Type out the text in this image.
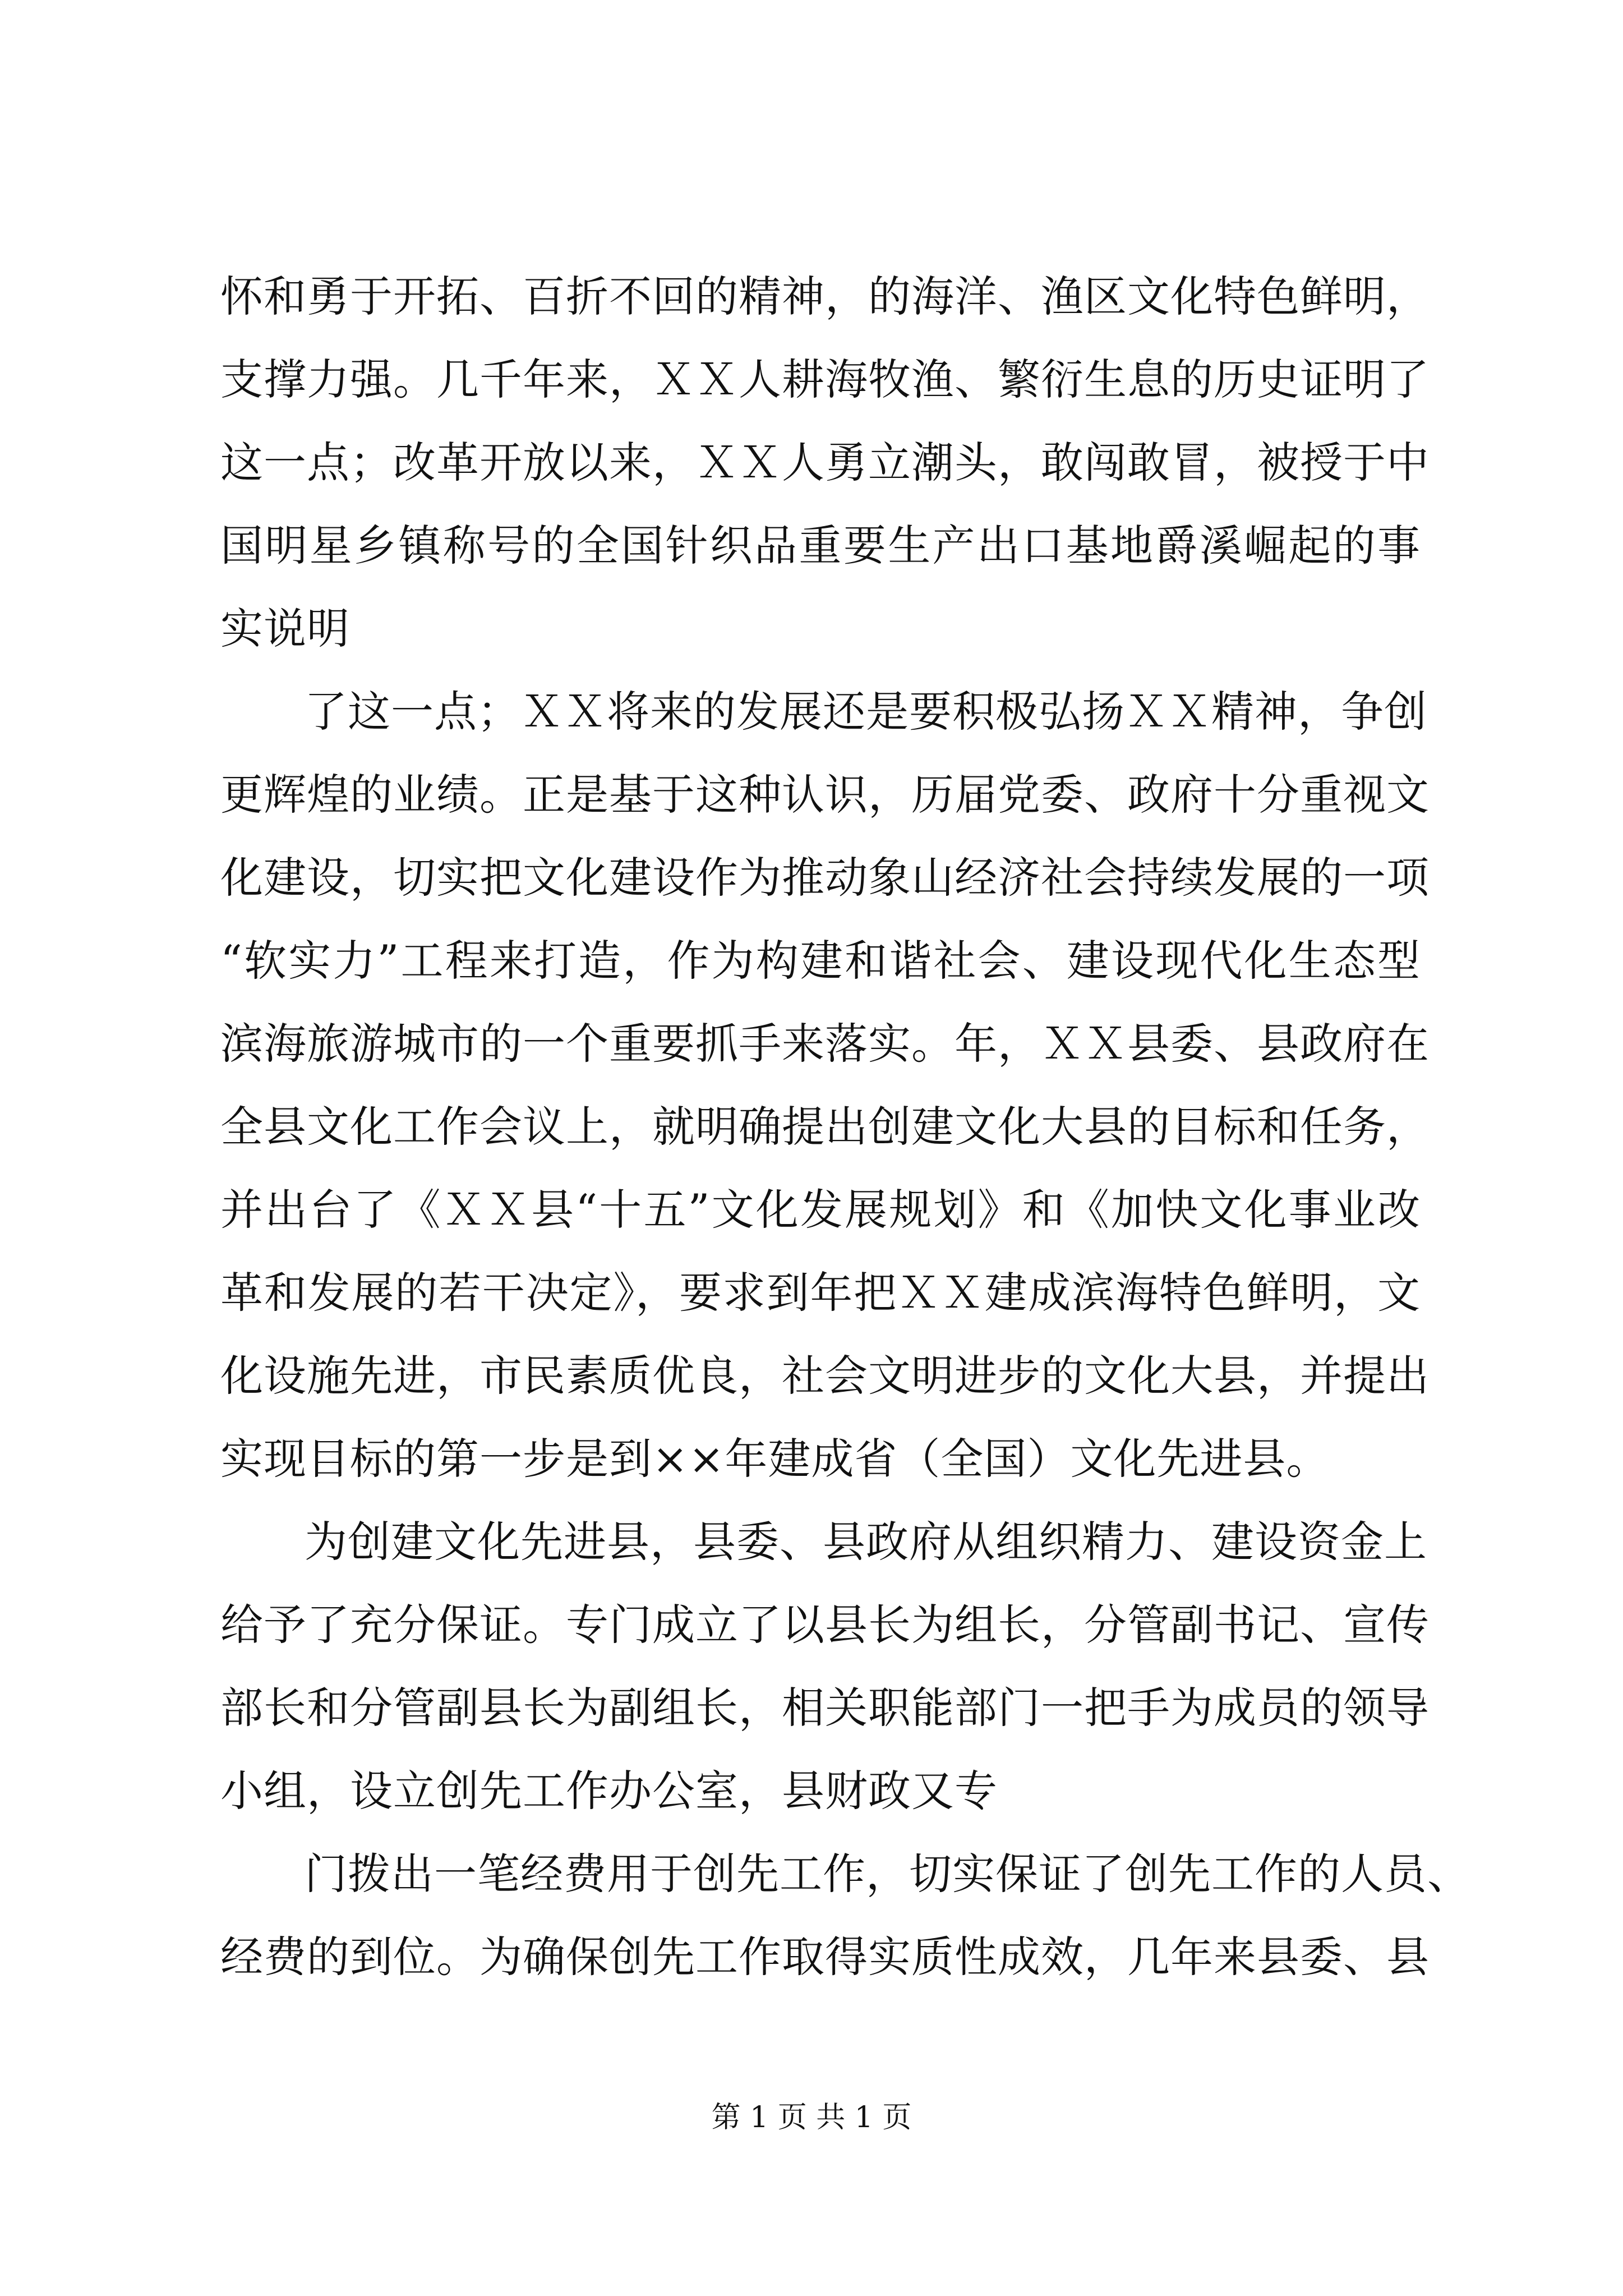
怀和勇于开拓、百折不回的精神，的海洋、渔区文化特色鲜明，
支撑力强。几千年来，ＸＸ人耕海牧渔、繁衍生息的历史证明了
这一点；改革开放以来，ＸＸ人勇立潮头，敢闯敢冒，被授于中
国明星乡镇称号的全国针织品重要生产出口基地爵溪崛起的事
实说明
了这一点；ＸＸ将来的发展还是要积极弘扬ＸＸ精神，争创
更辉煌的业绩。正是基于这种认识，历届党委、政府十分重视文
化建设，切实把文化建设作为推动象山经济社会持续发展的一项
“软实力”工程来打造，作为构建和谐社会、建设现代化生态型
滨海旅游城市的一个重要抓手来落实。年，ＸＸ县委、县政府在
全县文化工作会议上，就明确提出创建文化大县的目标和任务，
并出台了《ＸＸ县“十五”文化发展规划》和《加快文化事业改
革和发展的若干决定》，要求到年把ＸＸ建成滨海特色鲜明，文
化设施先进，市民素质优良，社会文明进步的文化大县，并提出
实现目标的第一步是到××年建成省（全国）文化先进县。
为创建文化先进县，县委、县政府从组织精力、建设资金上
给予了充分保证。专门成立了以县长为组长，分管副书记、宣传
部长和分管副县长为副组长，相关职能部门一把手为成员的领导
小组，设立创先工作办公室，县财政又专
门拨出一笔经费用于创先工作，切实保证了创先工作的人员、
经费的到位。为确保创先工作取得实质性成效，几年来县委、县
第 1 页 共 1 页
